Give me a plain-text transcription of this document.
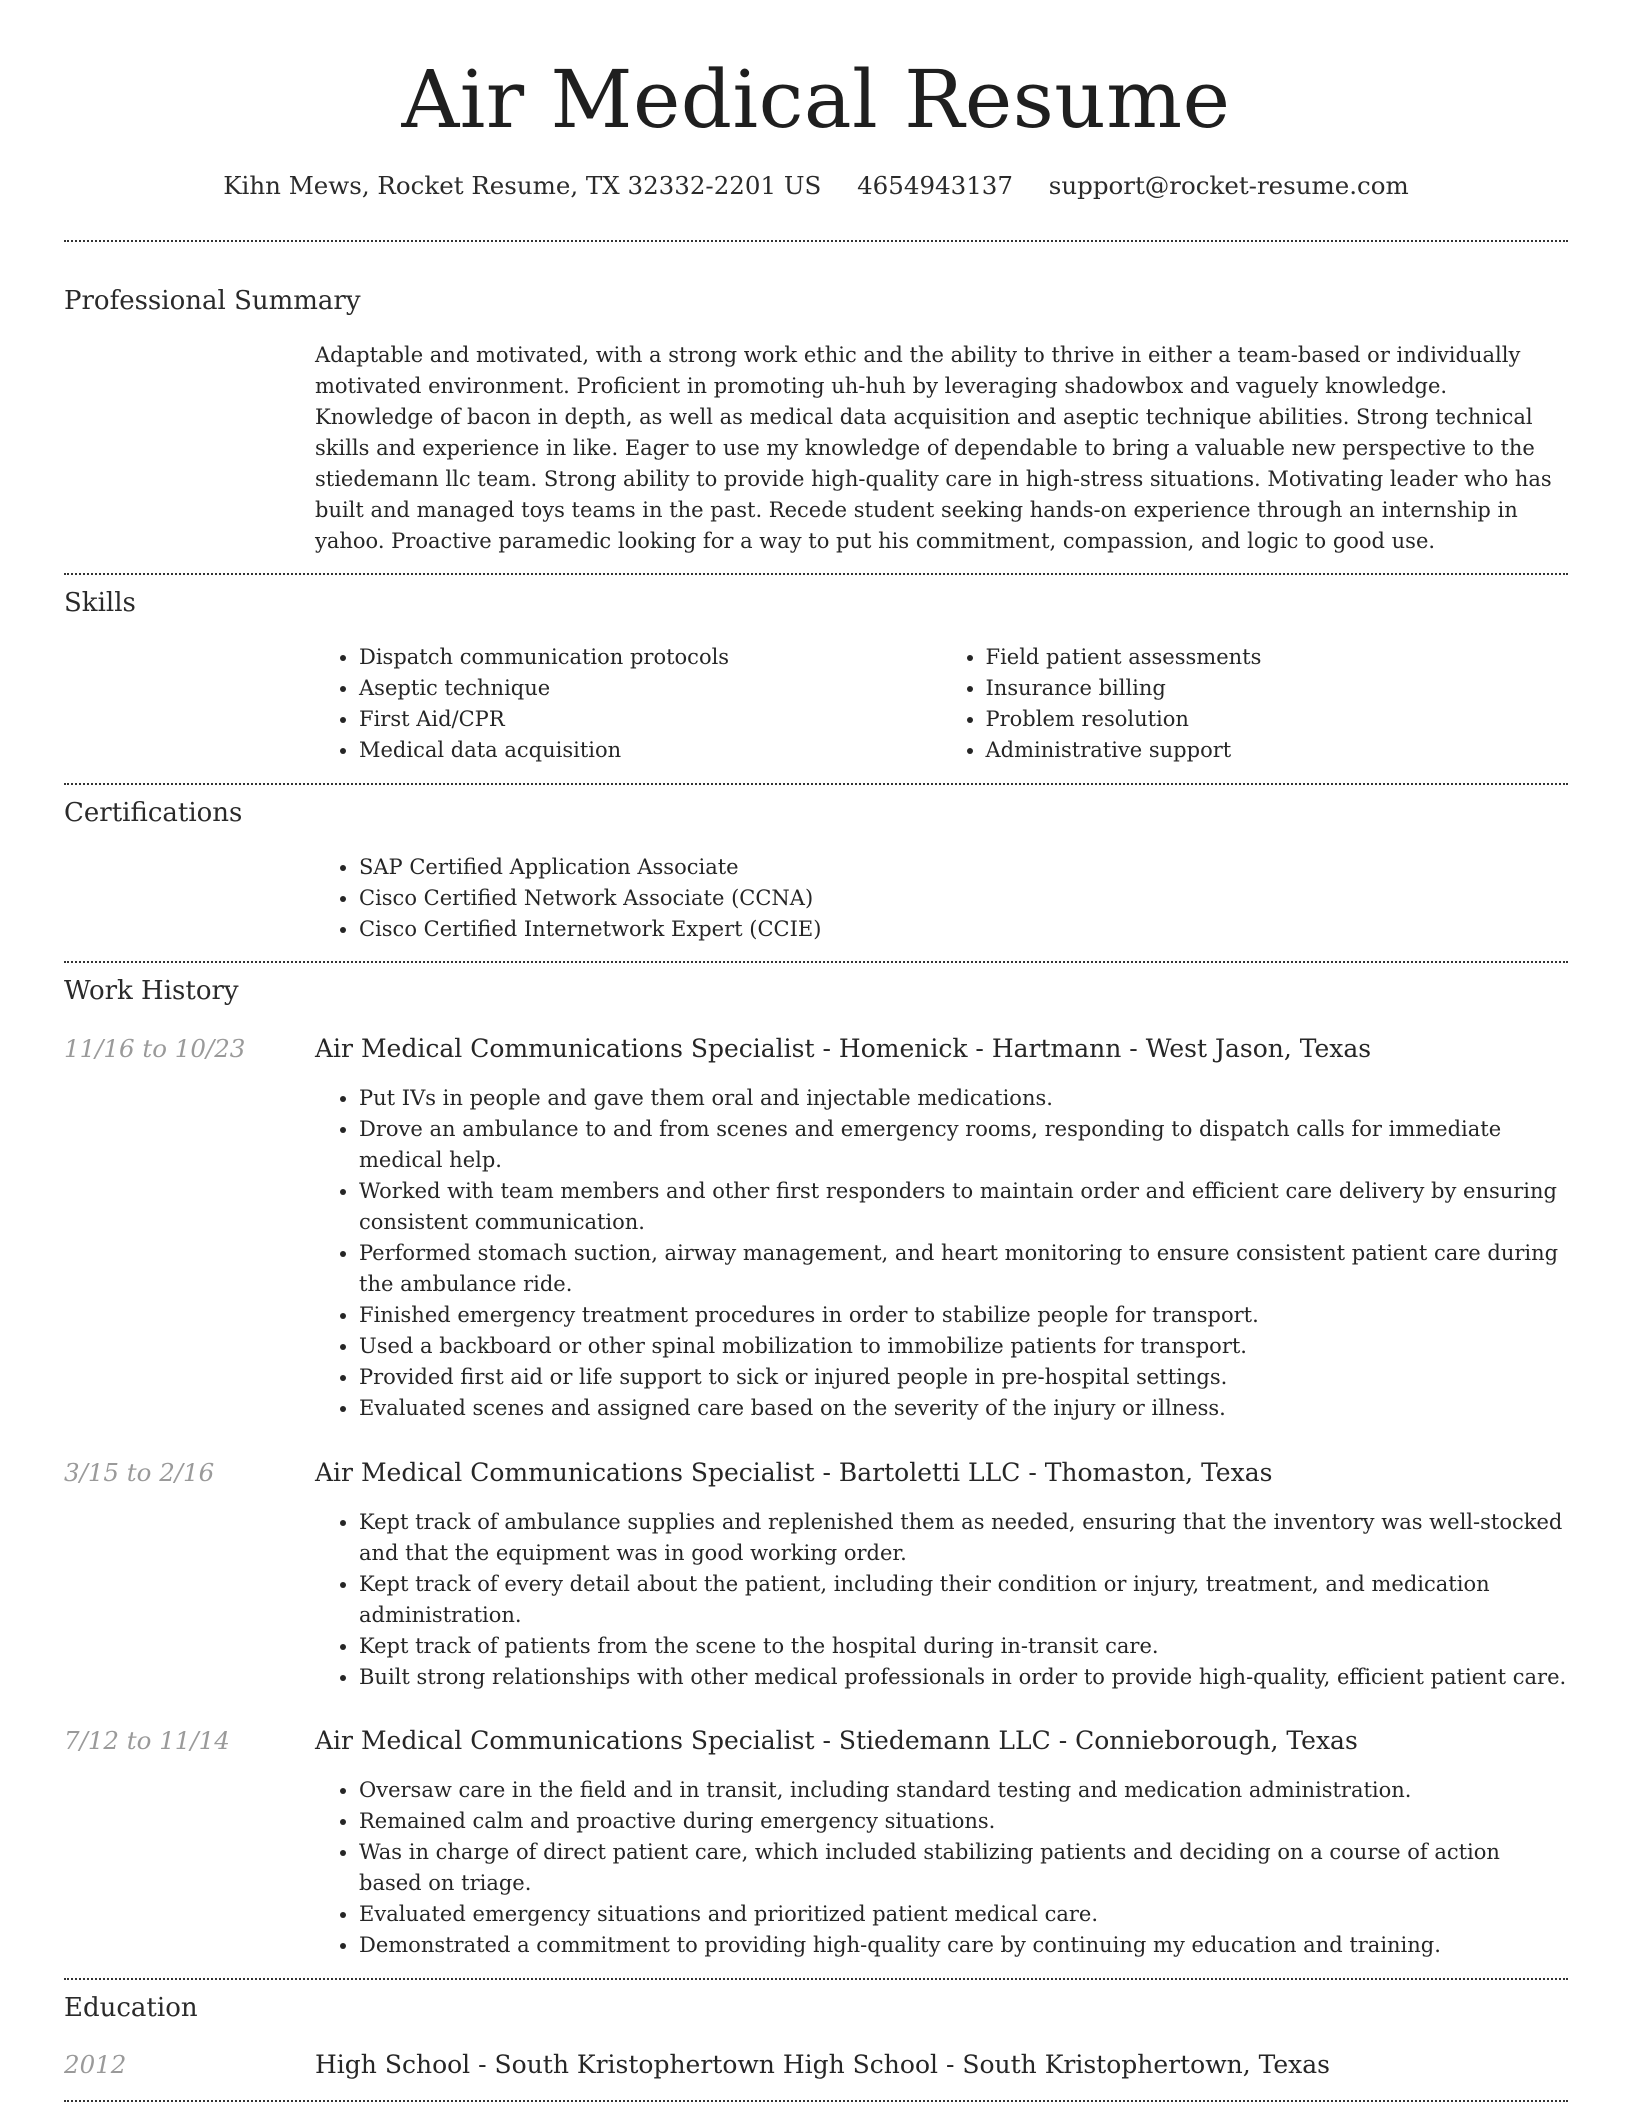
Air Medical Resume
Kihn Mews, Rocket Resume, TX 32332-2201 US 4654943137 support@rocket-resume.com
Professional Summary

Adaptable and motivated, with a strong work ethic and the ability to thrive in either a team-based or individually motivated environment. Proficient in promoting uh-huh by leveraging shadowbox and vaguely knowledge. Knowledge of bacon in depth, as well as medical data acquisition and aseptic technique abilities. Strong technical skills and experience in like. Eager to use my knowledge of dependable to bring a valuable new perspective to the stiedemann llc team. Strong ability to provide high-quality care in high-stress situations. Motivating leader who has built and managed toys teams in the past. Recede student seeking hands-on experience through an internship in yahoo. Proactive paramedic looking for a way to put his commitment, compassion, and logic to good use.

Skills
• Dispatch communication protocols
• Aseptic technique
• First Aid/CPR
• Medical data acquisition
• Field patient assessments
• Insurance billing
• Problem resolution
• Administrative support
Certifications
• SAP Certified Application Associate
• Cisco Certified Network Associate (CCNA)
• Cisco Certified Internetwork Expert (CCIE)
Work History
11/16 to 10/23	Air Medical Communications Specialist - Homenick - Hartmann - West Jason, Texas
• Put IVs in people and gave them oral and injectable medications.
• Drove an ambulance to and from scenes and emergency rooms, responding to dispatch calls for immediate medical help.
• Worked with team members and other first responders to maintain order and efficient care delivery by ensuring consistent communication.
• Performed stomach suction, airway management, and heart monitoring to ensure consistent patient care during the ambulance ride.
• Finished emergency treatment procedures in order to stabilize people for transport.
• Used a backboard or other spinal mobilization to immobilize patients for transport.
• Provided first aid or life support to sick or injured people in pre-hospital settings.
• Evaluated scenes and assigned care based on the severity of the injury or illness.
3/15 to 2/16	Air Medical Communications Specialist - Bartoletti LLC - Thomaston, Texas
• Kept track of ambulance supplies and replenished them as needed, ensuring that the inventory was well-stocked and that the equipment was in good working order.
• Kept track of every detail about the patient, including their condition or injury, treatment, and medication administration.
• Kept track of patients from the scene to the hospital during in-transit care.
• Built strong relationships with other medical professionals in order to provide high-quality, efficient patient care.
7/12 to 11/14	Air Medical Communications Specialist - Stiedemann LLC - Connieborough, Texas
• Oversaw care in the field and in transit, including standard testing and medication administration.
• Remained calm and proactive during emergency situations.
• Was in charge of direct patient care, which included stabilizing patients and deciding on a course of action based on triage.
• Evaluated emergency situations and prioritized patient medical care.
• Demonstrated a commitment to providing high-quality care by continuing my education and training.
Education
2012	High School - South Kristophertown High School - South Kristophertown, Texas
